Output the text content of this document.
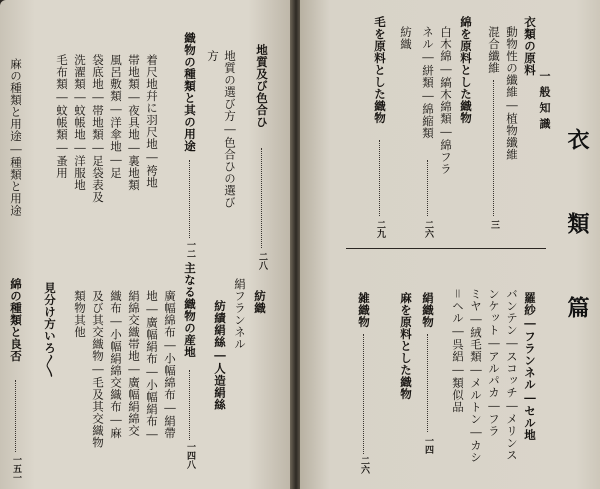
地質及び色合ひ
二八
地質の選び方―色合ひの選び
方
織物の種類と其の用途
一二
着尺地幷に羽尺地―袴地
帯地類―夜具地―裏地類
風呂敷類―洋傘地―足
袋底地―帯地類―足袋表及
洗濯類―蚊帳地―洋服地
毛布類―蚊帳類―蚤用
麻の種類と用途―種類と用途
紡織
絹フランネル
紡績絹絲―人造絹絲
主なる織物の産地
一四八
廣幅綿布―小幅綿布―絹帶
地―廣幅絹布―小幅絹布―
絹綿交織帯地―廣幅絹綿交
織布―小幅絹綿交織布―麻
及び其交織物―毛及其交織物
類物其他
見分け方いろ〱
綿の種類と良否
一五一
衣 類 篇
一般知識
衣類の原料
動物性の纖維―植物纖維
混合纖維
三
綿を原料とした織物
白木綿―縞木綿類―綿フラ
ネル―絣類―綿縮類
二六
紡織
毛を原料とした織物
二九
羅紗―フランネル―セル地
バンテン―スコッチ―メリンス
ンケット―アルパカ―フラ
ミヤ―絨毛類―メルトン―カシ
＝ヘル―呉絽―類似品
絹織物
一四
麻を原料とした織物
雑織物
二六
